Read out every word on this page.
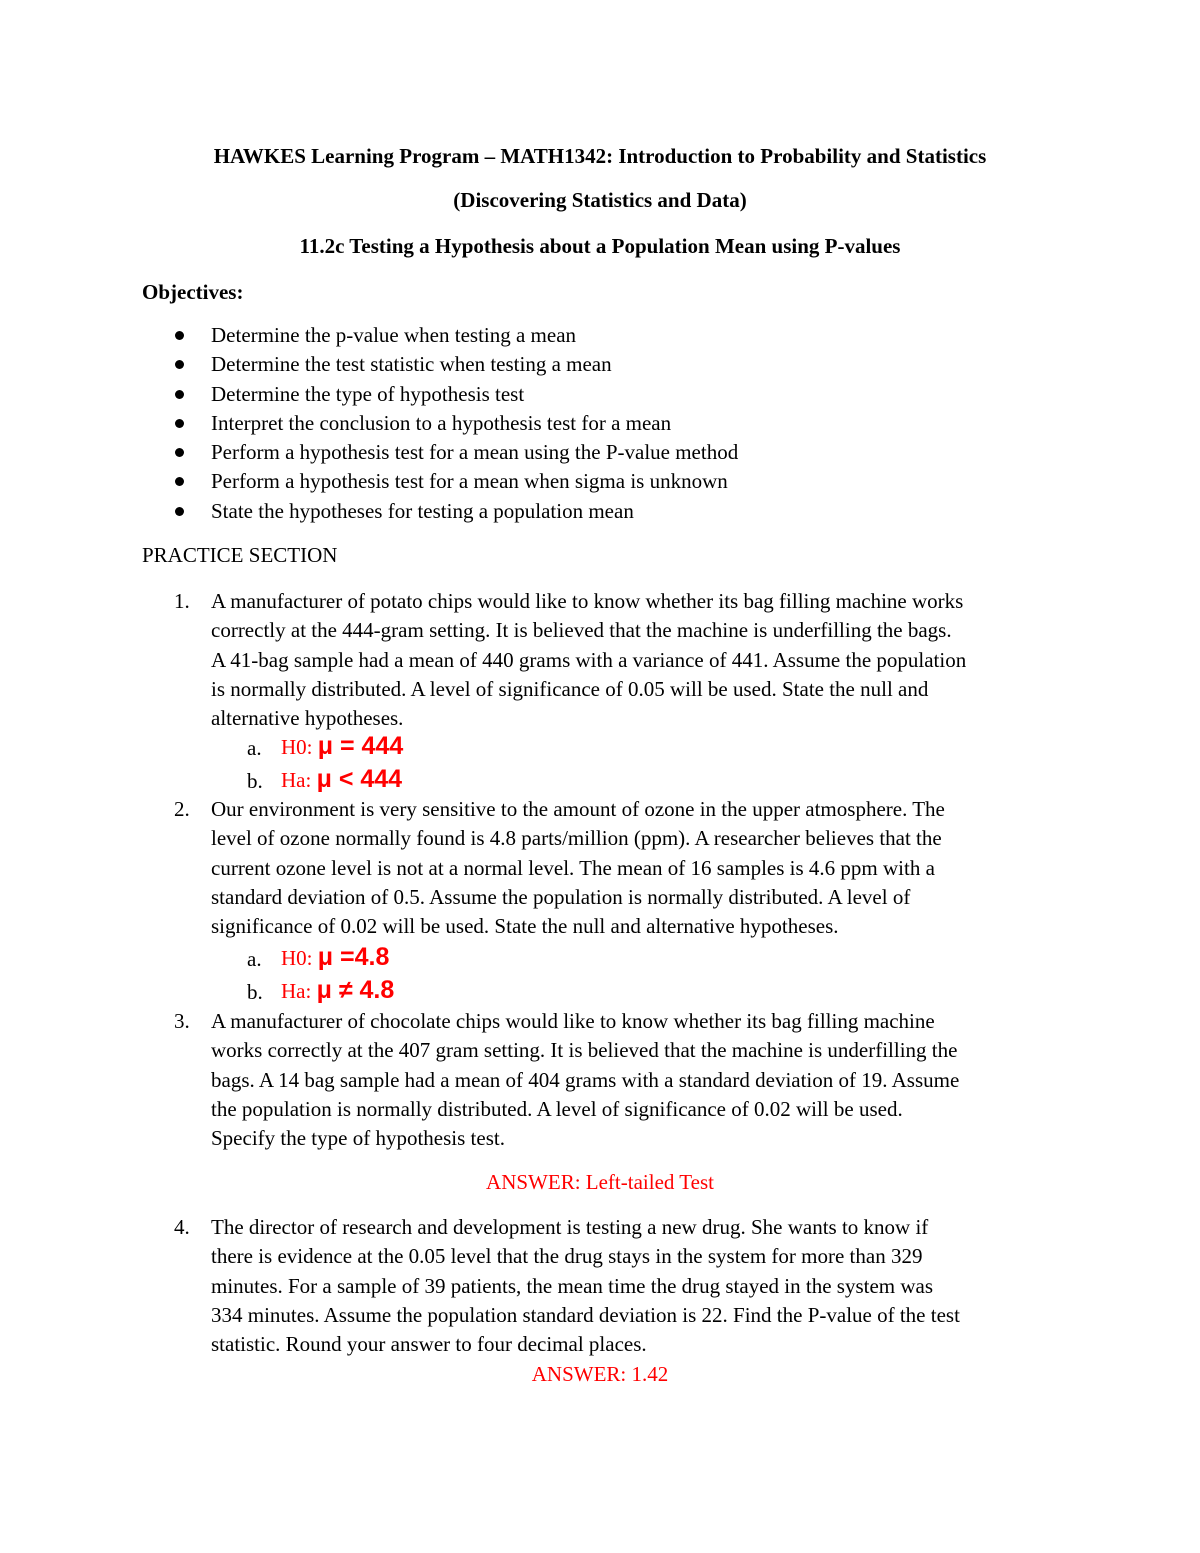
HAWKES Learning Program – MATH1342: Introduction to Probability and Statistics
(Discovering Statistics and Data)
11.2c Testing a Hypothesis about a Population Mean using P-values
Objectives:
Determine the p-value when testing a mean
Determine the test statistic when testing a mean
Determine the type of hypothesis test
Interpret the conclusion to a hypothesis test for a mean
Perform a hypothesis test for a mean using the P-value method
Perform a hypothesis test for a mean when sigma is unknown
State the hypotheses for testing a population mean
PRACTICE SECTION
1. A manufacturer of potato chips would like to know whether its bag filling machine works
correctly at the 444-gram setting. It is believed that the machine is underfilling the bags.
A 41-bag sample had a mean of 440 grams with a variance of 441. Assume the population
is normally distributed. A level of significance of 0.05 will be used. State the null and
alternative hypotheses.
a. H0: μ = 444
b. Ha: μ < 444
2. Our environment is very sensitive to the amount of ozone in the upper atmosphere. The
level of ozone normally found is 4.8 parts/million (ppm). A researcher believes that the
current ozone level is not at a normal level. The mean of 16 samples is 4.6 ppm with a
standard deviation of 0.5. Assume the population is normally distributed. A level of
significance of 0.02 will be used. State the null and alternative hypotheses.
a. H0: μ =4.8
b. Ha: μ ≠ 4.8
3. A manufacturer of chocolate chips would like to know whether its bag filling machine
works correctly at the 407 gram setting. It is believed that the machine is underfilling the
bags. A 14 bag sample had a mean of 404 grams with a standard deviation of 19. Assume
the population is normally distributed. A level of significance of 0.02 will be used.
Specify the type of hypothesis test.
ANSWER: Left-tailed Test
4. The director of research and development is testing a new drug. She wants to know if
there is evidence at the 0.05 level that the drug stays in the system for more than 329
minutes. For a sample of 39 patients, the mean time the drug stayed in the system was
334 minutes. Assume the population standard deviation is 22. Find the P-value of the test
statistic. Round your answer to four decimal places.
ANSWER: 1.42
